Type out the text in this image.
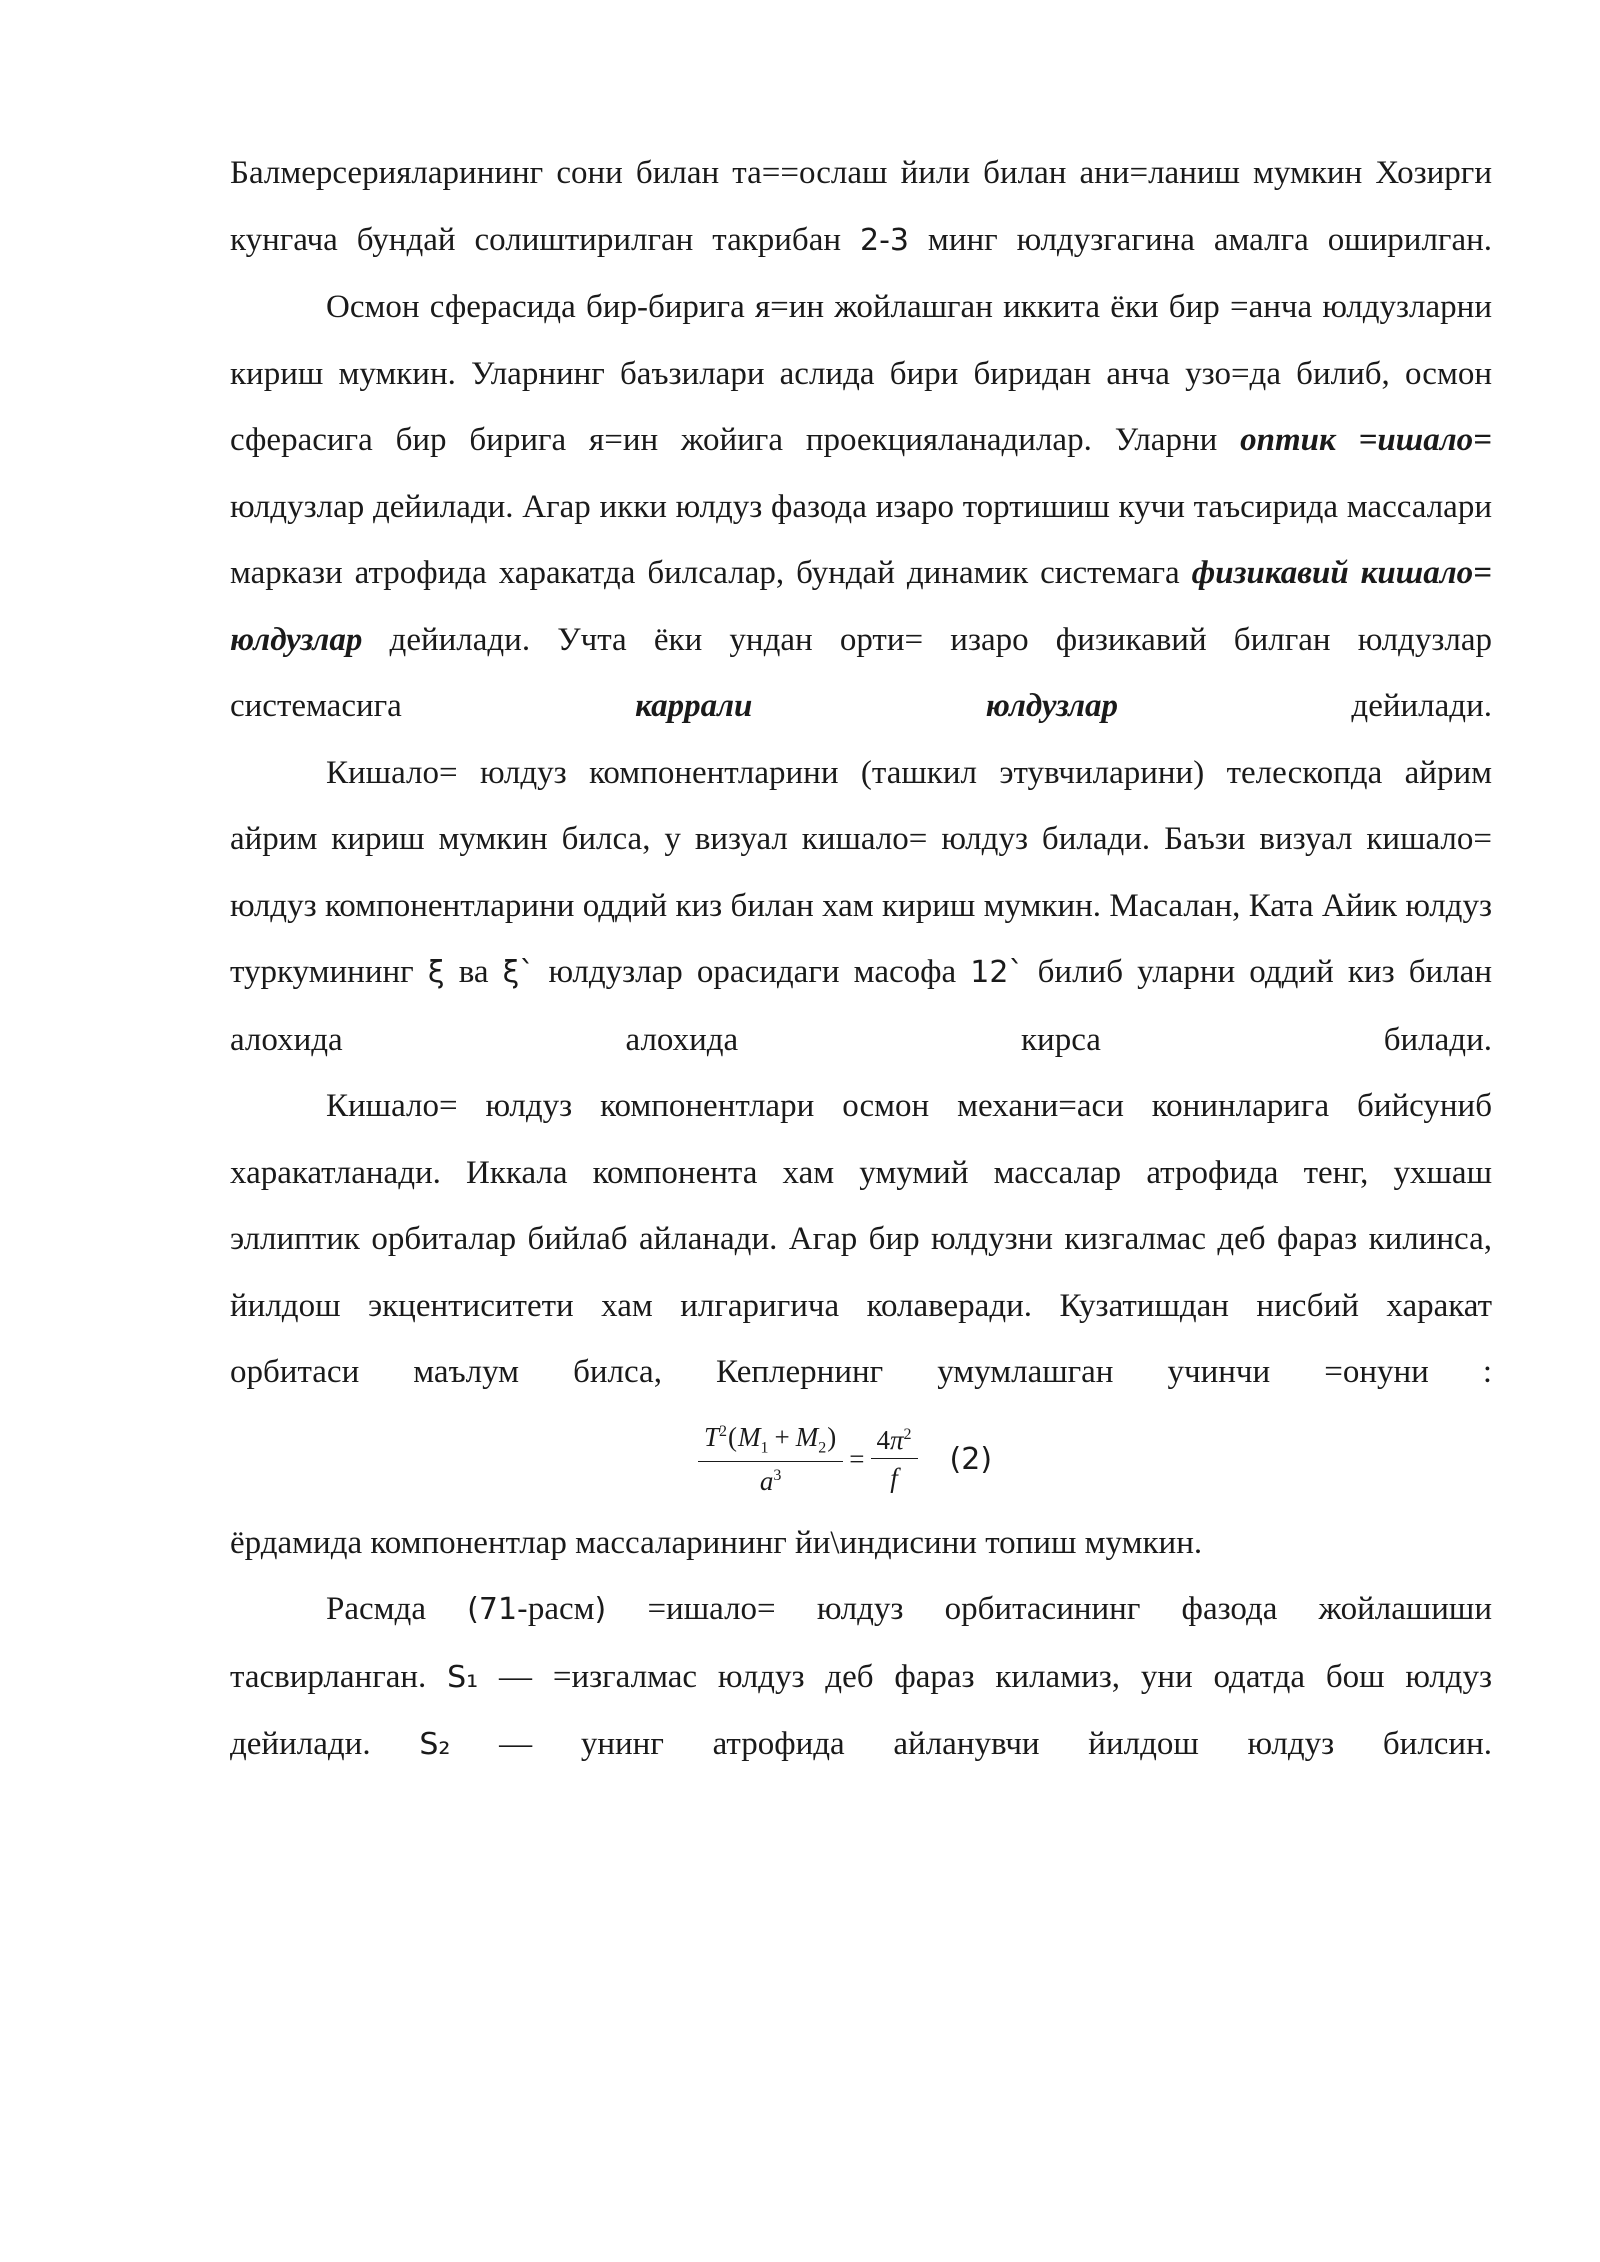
Балмерсерияларининг сони билан та==ослаш йили билан ани=ланиш мумкин Хозирги кунгача бундай солиштирилган такрибан 2-3 минг юлдузгагина амалга оширилган.

Осмон сферасида бир-бирига я=ин жойлашган иккита ёки бир =анча юлдузларни кириш мумкин. Уларнинг баъзилари аслида бири биридан анча узо=да билиб, осмон сферасига бир бирига я=ин жойига проекцияланадилар. Уларни оптик =ишало= юлдузлар дейилади. Агар икки юлдуз фазода изаро тортишиш кучи таъсирида массалари маркази атрофида харакатда билсалар, бундай динамик системага физикавий кишало= юлдузлар дейилади. Учта ёки ундан орти= изаро физикавий билган юлдузлар системасига каррали юлдузлар дейилади.

Кишало= юлдуз компонентларини (ташкил этувчиларини) телескопда айрим айрим кириш мумкин билса, у визуал кишало= юлдуз билади. Баъзи визуал кишало= юлдуз компонентларини оддий киз билан хам кириш мумкин. Масалан, Ката Айик юлдуз туркумининг ξ ва ξ` юлдузлар орасидаги масофа 12` билиб уларни оддий киз билан алохида алохида кирса билади.

Кишало= юлдуз компонентлари осмон механи=аси конинларига бийсуниб харакатланади. Иккала компонента хам умумий массалар атрофида тенг, ухшаш эллиптик орбиталар бийлаб айланади. Агар бир юлдузни кизгалмас деб фараз килинса, йилдош экцентиситети хам илгаригича колаверади. Кузатишдан нисбий харакат орбитаси маълум билса, Кеплернинг умумлашган учинчи =онуни :

$\frac{T^2(M_1 + M_2)}{a^3} = \frac{4\pi^2}{f} (2)$

ёрдамида компонентлар массаларининг йи\индисини топиш мумкин.

Расмда (71-расм) =ишало= юлдуз орбитасининг фазода жойлашиши тасвирланган. S₁ — =изгалмас юлдуз деб фараз киламиз, уни одатда бош юлдуз дейилади. S₂ — унинг атрофида айланувчи йилдош юлдуз билсин.
